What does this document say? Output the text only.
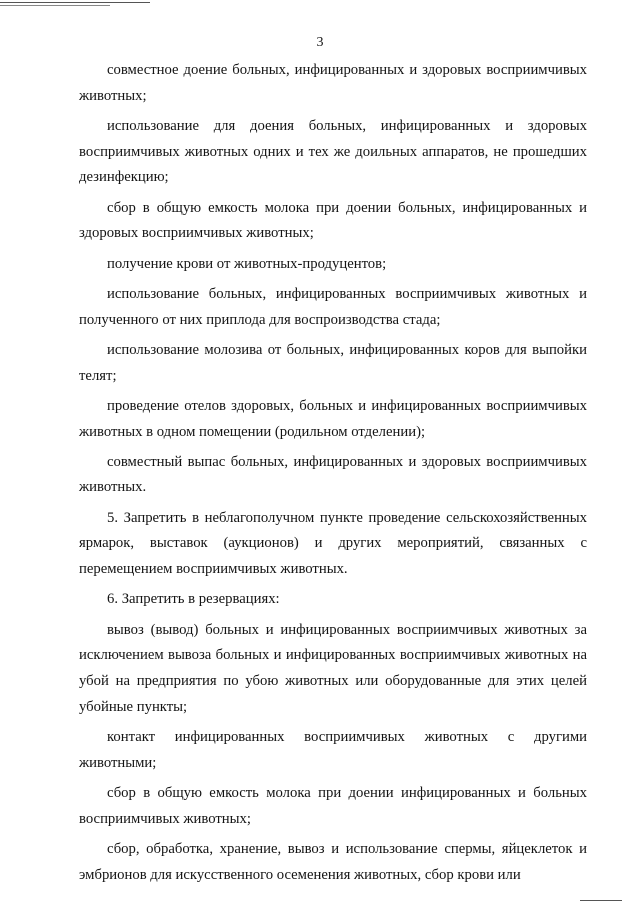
3

совместное доение больных, инфицированных и здоровых восприимчивых животных;

использование для доения больных, инфицированных и здоровых восприимчивых животных одних и тех же доильных аппаратов, не прошедших дезинфекцию;

сбор в общую емкость молока при доении больных, инфицированных и здоровых восприимчивых животных;

получение крови от животных-продуцентов;

использование больных, инфицированных восприимчивых животных и полученного от них приплода для воспроизводства стада;

использование молозива от больных, инфицированных коров для выпойки телят;

проведение отелов здоровых, больных и инфицированных восприимчивых животных в одном помещении (родильном отделении);

совместный выпас больных, инфицированных и здоровых восприимчивых животных.

5. Запретить в неблагополучном пункте проведение сельскохозяйственных ярмарок, выставок (аукционов) и других мероприятий, связанных с перемещением восприимчивых животных.

6. Запретить в резервациях:

вывоз (вывод) больных и инфицированных восприимчивых животных за исключением вывоза больных и инфицированных восприимчивых животных на убой на предприятия по убою животных или оборудованные для этих целей убойные пункты;

контакт инфицированных восприимчивых животных с другими животными;

сбор в общую емкость молока при доении инфицированных и больных восприимчивых животных;

сбор, обработка, хранение, вывоз и использование спермы, яйцеклеток и эмбрионов для искусственного осеменения животных, сбор крови или
